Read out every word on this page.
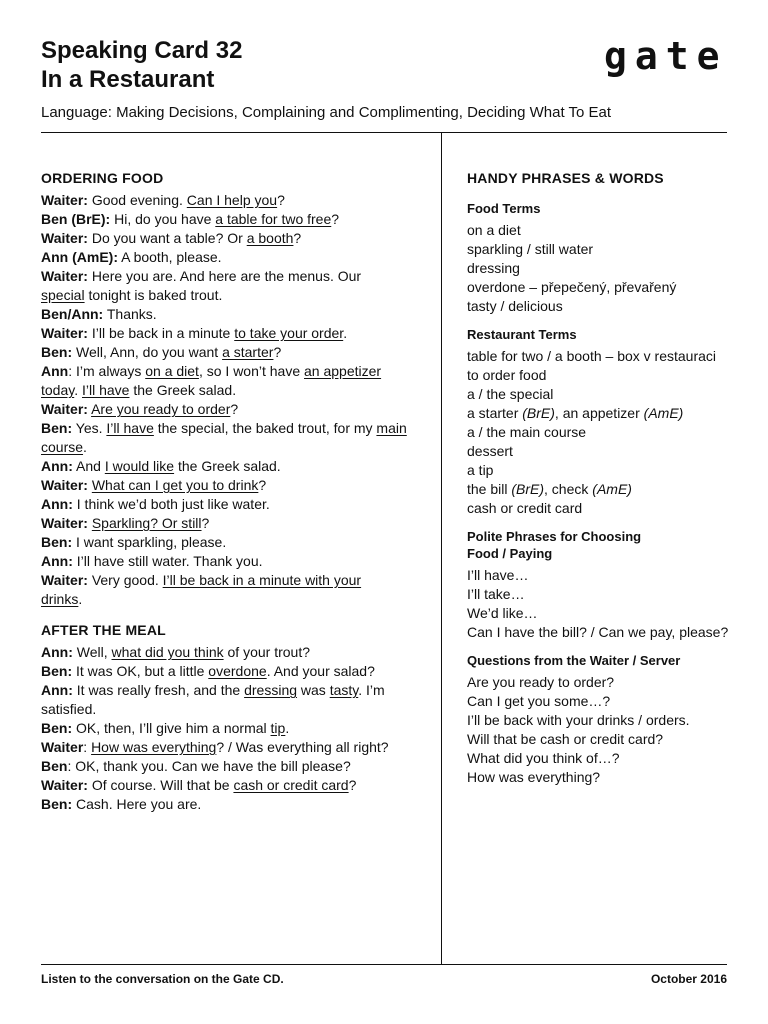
Speaking Card 32
In a Restaurant
gate
Language: Making Decisions, Complaining and Complimenting, Deciding What To Eat
ORDERING FOOD
Waiter: Good evening. Can I help you?
Ben (BrE): Hi, do you have a table for two free?
Waiter: Do you want a table? Or a booth?
Ann (AmE): A booth, please.
Waiter: Here you are. And here are the menus. Our
special tonight is baked trout.
Ben/Ann: Thanks.
Waiter: I’ll be back in a minute to take your order.
Ben: Well, Ann, do you want a starter?
Ann: I’m always on a diet, so I won’t have an appetizer
today. I’ll have the Greek salad.
Waiter: Are you ready to order?
Ben: Yes. I’ll have the special, the baked trout, for my main
course.
Ann: And I would like the Greek salad.
Waiter: What can I get you to drink?
Ann: I think we’d both just like water.
Waiter: Sparkling? Or still?
Ben: I want sparkling, please.
Ann: I’ll have still water. Thank you.
Waiter: Very good. I’ll be back in a minute with your
drinks.
AFTER THE MEAL
Ann: Well, what did you think of your trout?
Ben: It was OK, but a little overdone. And your salad?
Ann: It was really fresh, and the dressing was tasty. I’m
satisfied.
Ben: OK, then, I’ll give him a normal tip.
Waiter: How was everything? / Was everything all right?
Ben: OK, thank you. Can we have the bill please?
Waiter: Of course. Will that be cash or credit card?
Ben: Cash. Here you are.
HANDY PHRASES & WORDS
Food Terms
on a diet
sparkling / still water
dressing
overdone – přepečený, převařený
tasty / delicious
Restaurant Terms
table for two / a booth – box v restauraci
to order food
a / the special
a starter (BrE), an appetizer (AmE)
a / the main course
dessert
a tip
the bill (BrE), check (AmE)
cash or credit card
Polite Phrases for Choosing Food / Paying
I’ll have…
I’ll take…
We’d like…
Can I have the bill? / Can we pay, please?
Questions from the Waiter / Server
Are you ready to order?
Can I get you some…?
I’ll be back with your drinks / orders.
Will that be cash or credit card?
What did you think of…?
How was everything?
Listen to the conversation on the Gate CD.	October 2016
